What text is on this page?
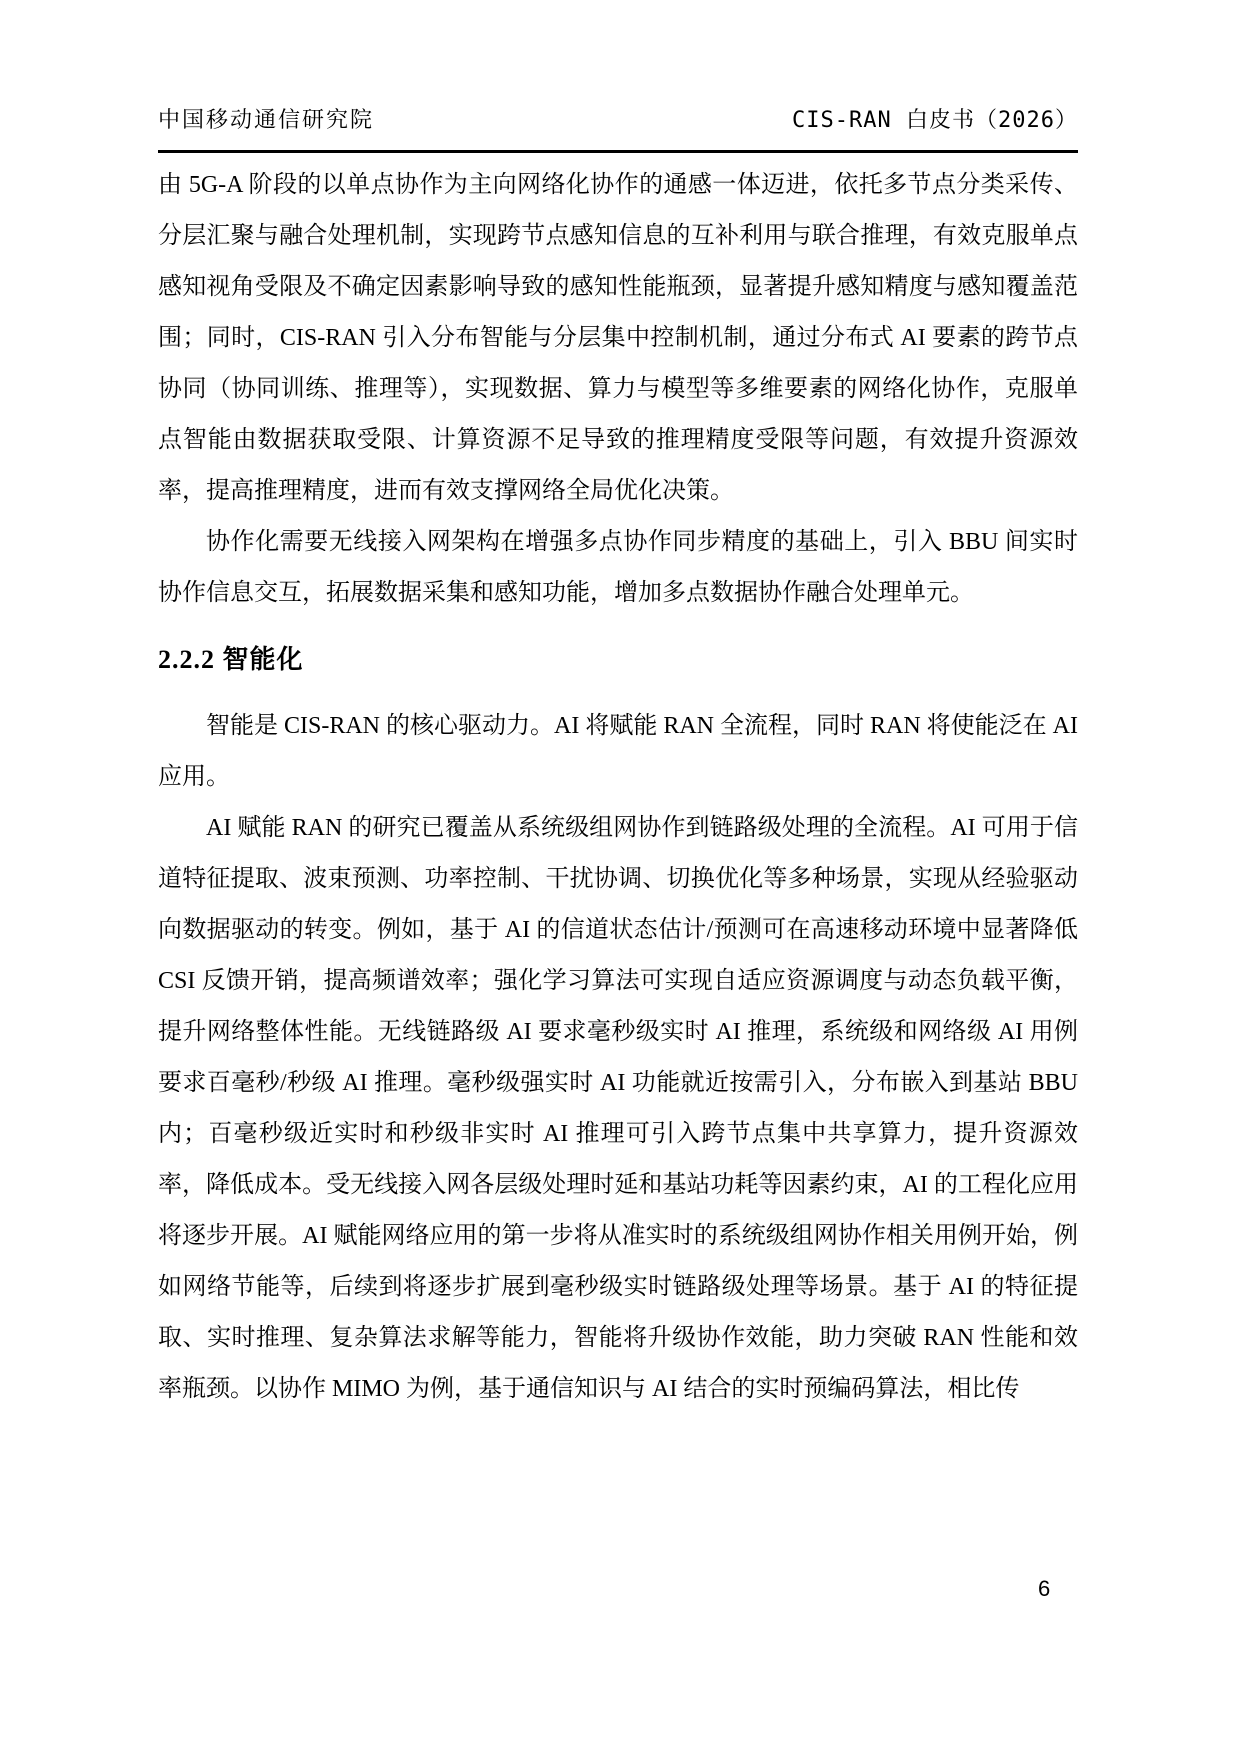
中国移动通信研究院	CIS-RAN 白皮书（2026）

由 5G-A 阶段的以单点协作为主向网络化协作的通感一体迈进，依托多节点分类采传、分层汇聚与融合处理机制，实现跨节点感知信息的互补利用与联合推理，有效克服单点感知视角受限及不确定因素影响导致的感知性能瓶颈，显著提升感知精度与感知覆盖范围；同时，CIS-RAN 引入分布智能与分层集中控制机制，通过分布式 AI 要素的跨节点协同（协同训练、推理等），实现数据、算力与模型等多维要素的网络化协作，克服单点智能由数据获取受限、计算资源不足导致的推理精度受限等问题，有效提升资源效率，提高推理精度，进而有效支撑网络全局优化决策。

协作化需要无线接入网架构在增强多点协作同步精度的基础上，引入 BBU 间实时协作信息交互，拓展数据采集和感知功能，增加多点数据协作融合处理单元。

2.2.2 智能化

智能是 CIS-RAN 的核心驱动力。AI 将赋能 RAN 全流程，同时 RAN 将使能泛在 AI 应用。

AI 赋能 RAN 的研究已覆盖从系统级组网协作到链路级处理的全流程。AI 可用于信道特征提取、波束预测、功率控制、干扰协调、切换优化等多种场景，实现从经验驱动向数据驱动的转变。例如，基于 AI 的信道状态估计/预测可在高速移动环境中显著降低 CSI 反馈开销，提高频谱效率；强化学习算法可实现自适应资源调度与动态负载平衡，提升网络整体性能。无线链路级 AI 要求毫秒级实时 AI 推理，系统级和网络级 AI 用例要求百毫秒/秒级 AI 推理。毫秒级强实时 AI 功能就近按需引入，分布嵌入到基站 BBU 内；百毫秒级近实时和秒级非实时 AI 推理可引入跨节点集中共享算力，提升资源效率，降低成本。受无线接入网各层级处理时延和基站功耗等因素约束，AI 的工程化应用将逐步开展。AI 赋能网络应用的第一步将从准实时的系统级组网协作相关用例开始，例如网络节能等，后续到将逐步扩展到毫秒级实时链路级处理等场景。基于 AI 的特征提取、实时推理、复杂算法求解等能力，智能将升级协作效能，助力突破 RAN 性能和效率瓶颈。以协作 MIMO 为例，基于通信知识与 AI 结合的实时预编码算法，相比传

6
